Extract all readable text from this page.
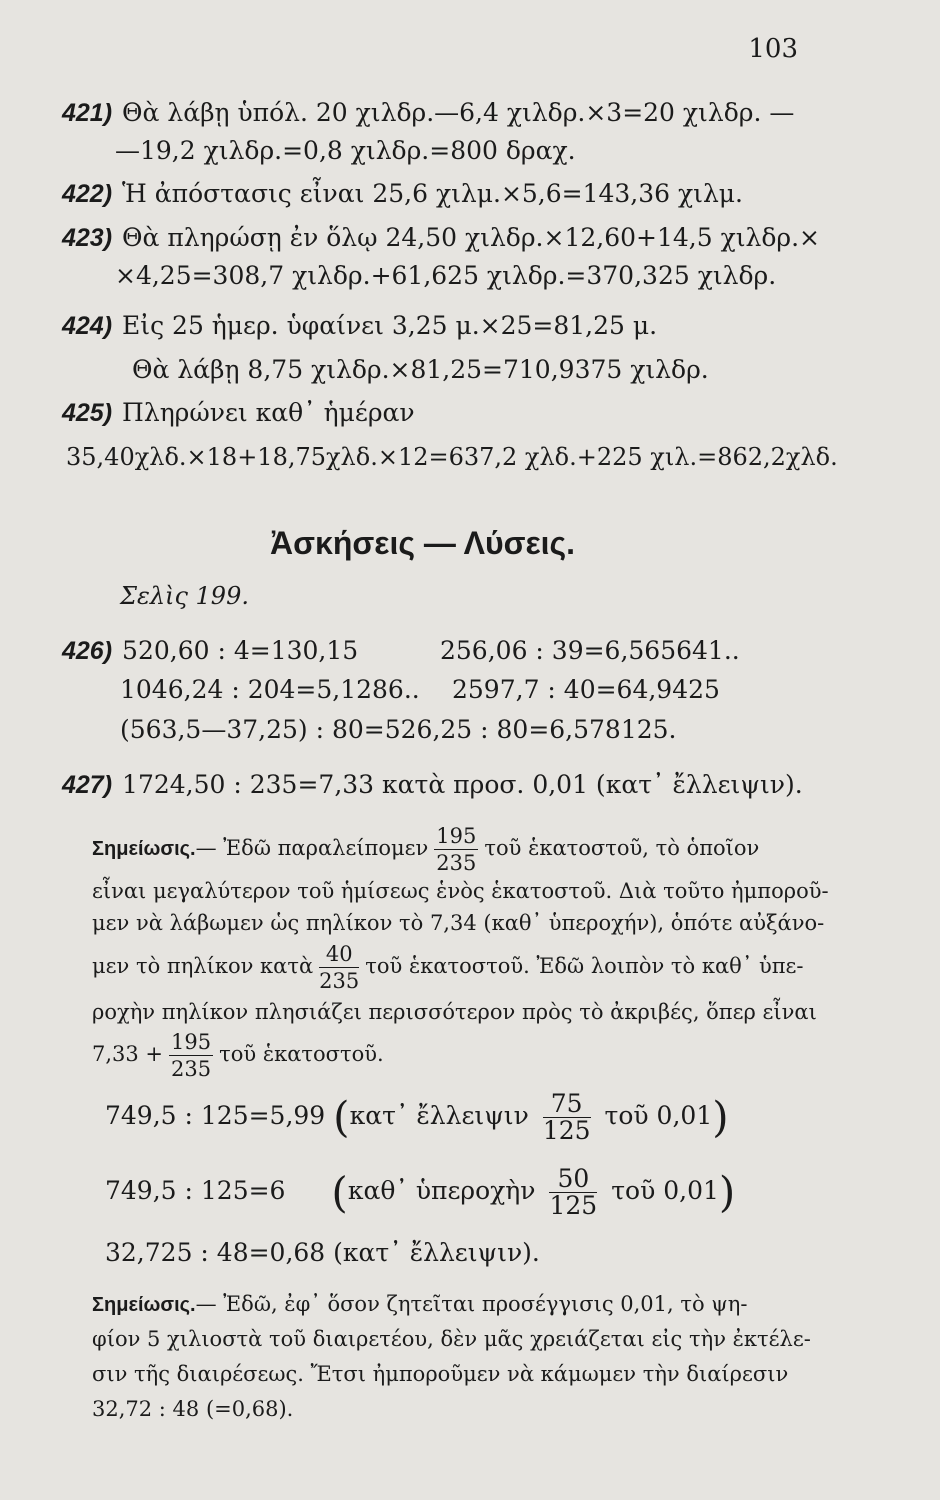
103
421) Θὰ λάβῃ ὑπόλ. 20 χιλδρ.—6,4 χιλδρ.×3=20 χιλδρ. —
—19,2 χιλδρ.=0,8 χιλδρ.=800 δραχ.
422) Ἡ ἀπόστασις εἶναι 25,6 χιλμ.×5,6=143,36 χιλμ.
423) Θὰ πληρώσῃ ἐν ὅλῳ 24,50 χιλδρ.×12,60+14,5 χιλδρ.×
×4,25=308,7 χιλδρ.+61,625 χιλδρ.=370,325 χιλδρ.
424) Εἰς 25 ἡμερ. ὑφαίνει 3,25 μ.×25=81,25 μ.
Θὰ λάβῃ 8,75 χιλδρ.×81,25=710,9375 χιλδρ.
425) Πληρώνει καθ᾽ ἡμέραν
35,40χλδ.×18+18,75χλδ.×12=637,2 χλδ.+225 χιλ.=862,2χλδ.
Ἀσκήσεις — Λύσεις.
Σελὶς 199.
426) 520,60 : 4=130,15	256,06 : 39=6,565641..
1046,24 : 204=5,1286.. 2597,7 : 40=64,9425
(563,5—37,25) : 80=526,25 : 80=6,578125.
427) 1724,50 : 235=7,33 κατὰ προσ. 0,01 (κατ᾽ ἔλλειψιν).
Σημείωσις.— Ἐδῶ παραλείπομεν $\frac{195}{235}$ τοῦ ἑκατοστοῦ, τὸ ὁποῖον
εἶναι μεγαλύτερον τοῦ ἡμίσεως ἑνὸς ἑκατοστοῦ. Διὰ τοῦτο ἠμποροῦ-
μεν νὰ λάβωμεν ὡς πηλίκον τὸ 7,34 (καθ᾽ ὑπεροχήν), ὁπότε αὐξάνο-
μεν τὸ πηλίκον κατὰ $\frac{40}{235}$ τοῦ ἑκατοστοῦ. Ἐδῶ λοιπὸν τὸ καθ᾽ ὑπε-
ροχὴν πηλίκον πλησιάζει περισσότερον πρὸς τὸ ἀκριβές, ὅπερ εἶναι
$7,33 + \frac{195}{235}$ τοῦ ἑκατοστοῦ.
749,5 : 125=5,99 (κατ᾽ ἔλλειψιν $\frac{75}{125}$ τοῦ 0,01)
749,5 : 125=6 (καθ᾽ ὑπεροχὴν $\frac{50}{125}$ τοῦ 0,01)
32,725 : 48=0,68 (κατ᾽ ἔλλειψιν).
Σημείωσις.— Ἐδῶ, ἐφ᾽ ὅσον ζητεῖται προσέγγισις 0,01, τὸ ψη-
φίον 5 χιλιοστὰ τοῦ διαιρετέου, δὲν μᾶς χρειάζεται εἰς τὴν ἐκτέλε-
σιν τῆς διαιρέσεως. Ἔτσι ἠμποροῦμεν νὰ κάμωμεν τὴν διαίρεσιν
32,72 : 48 (=0,68).
